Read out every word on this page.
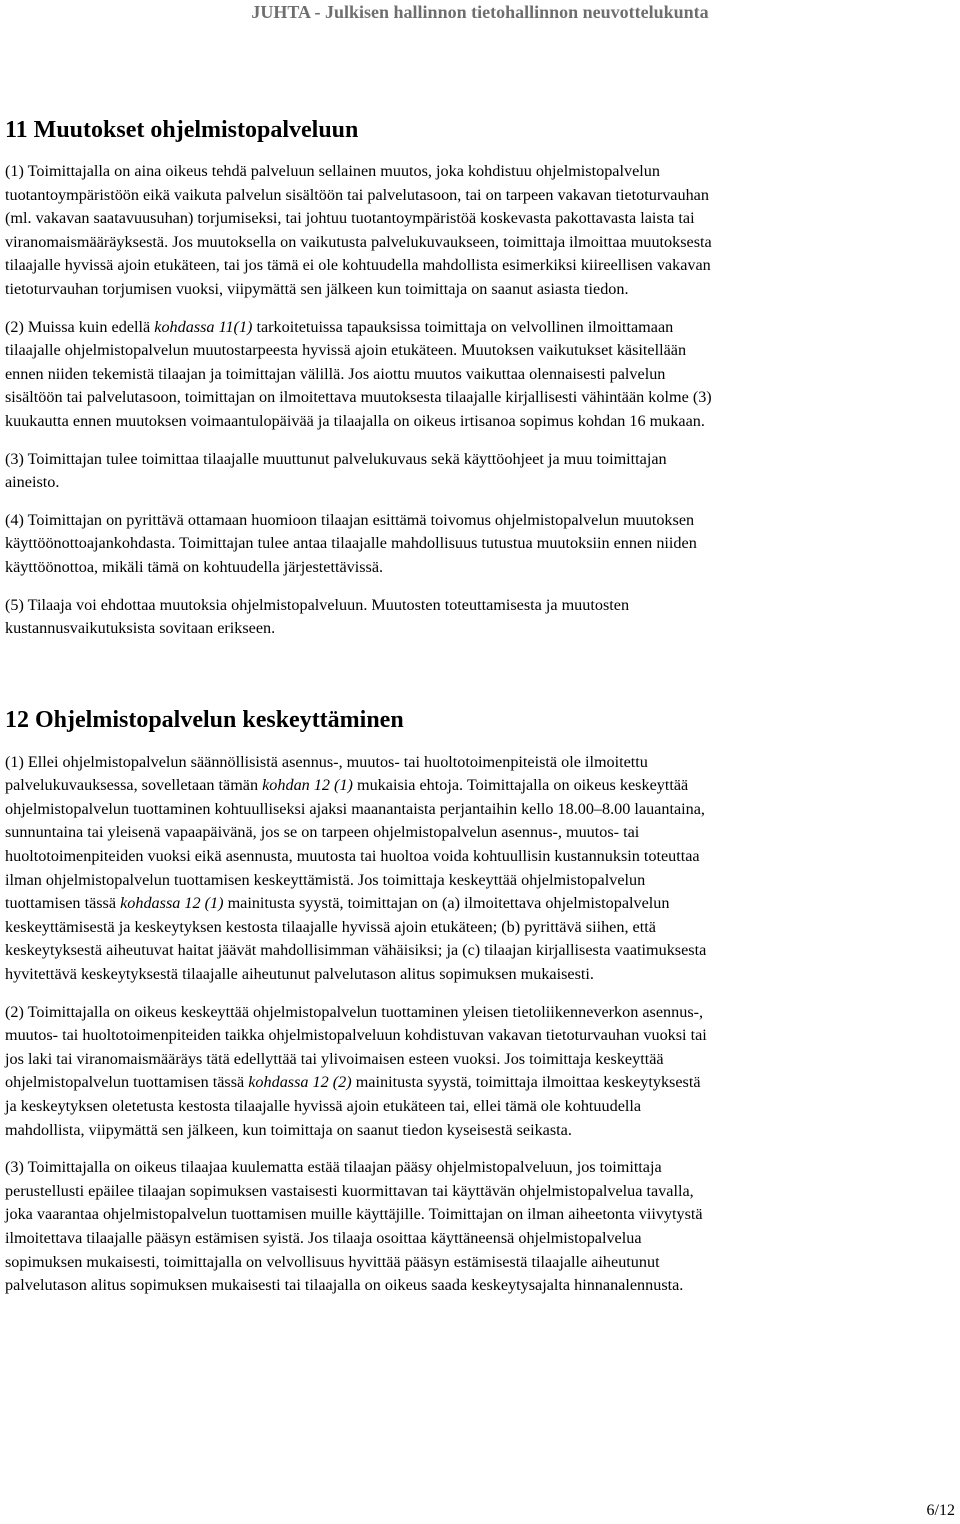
JUHTA - Julkisen hallinnon tietohallinnon neuvottelukunta
11 Muutokset ohjelmistopalveluun

(1) Toimittajalla on aina oikeus tehdä palveluun sellainen muutos, joka kohdistuu ohjelmistopalvelun

tuotantoympäristöön eikä vaikuta palvelun sisältöön tai palvelutasoon, tai on tarpeen vakavan tietoturvauhan

(ml. vakavan saatavuusuhan) torjumiseksi, tai johtuu tuotantoympäristöä koskevasta pakottavasta laista tai

viranomaismääräyksestä. Jos muutoksella on vaikutusta palvelukuvaukseen, toimittaja ilmoittaa muutoksesta

tilaajalle hyvissä ajoin etukäteen, tai jos tämä ei ole kohtuudella mahdollista esimerkiksi kiireellisen vakavan

tietoturvauhan torjumisen vuoksi, viipymättä sen jälkeen kun toimittaja on saanut asiasta tiedon.

(2) Muissa kuin edellä kohdassa 11(1) tarkoitetuissa tapauksissa toimittaja on velvollinen ilmoittamaan

tilaajalle ohjelmistopalvelun muutostarpeesta hyvissä ajoin etukäteen. Muutoksen vaikutukset käsitellään

ennen niiden tekemistä tilaajan ja toimittajan välillä. Jos aiottu muutos vaikuttaa olennaisesti palvelun

sisältöön tai palvelutasoon, toimittajan on ilmoitettava muutoksesta tilaajalle kirjallisesti vähintään kolme (3)

kuukautta ennen muutoksen voimaantulopäivää ja tilaajalla on oikeus irtisanoa sopimus kohdan 16 mukaan.

(3) Toimittajan tulee toimittaa tilaajalle muuttunut palvelukuvaus sekä käyttöohjeet ja muu toimittajan

aineisto.

(4) Toimittajan on pyrittävä ottamaan huomioon tilaajan esittämä toivomus ohjelmistopalvelun muutoksen

käyttöönottoajankohdasta. Toimittajan tulee antaa tilaajalle mahdollisuus tutustua muutoksiin ennen niiden

käyttöönottoa, mikäli tämä on kohtuudella järjestettävissä.

(5) Tilaaja voi ehdottaa muutoksia ohjelmistopalveluun. Muutosten toteuttamisesta ja muutosten

kustannusvaikutuksista sovitaan erikseen.

12 Ohjelmistopalvelun keskeyttäminen

(1) Ellei ohjelmistopalvelun säännöllisistä asennus-, muutos- tai huoltotoimenpiteistä ole ilmoitettu

palvelukuvauksessa, sovelletaan tämän kohdan 12 (1) mukaisia ehtoja. Toimittajalla on oikeus keskeyttää

ohjelmistopalvelun tuottaminen kohtuulliseksi ajaksi maanantaista perjantaihin kello 18.00–8.00 lauantaina,

sunnuntaina tai yleisenä vapaapäivänä, jos se on tarpeen ohjelmistopalvelun asennus-, muutos- tai

huoltotoimenpiteiden vuoksi eikä asennusta, muutosta tai huoltoa voida kohtuullisin kustannuksin toteuttaa

ilman ohjelmistopalvelun tuottamisen keskeyttämistä. Jos toimittaja keskeyttää ohjelmistopalvelun

tuottamisen tässä kohdassa 12 (1) mainitusta syystä, toimittajan on (a) ilmoitettava ohjelmistopalvelun

keskeyttämisestä ja keskeytyksen kestosta tilaajalle hyvissä ajoin etukäteen; (b) pyrittävä siihen, että

keskeytyksestä aiheutuvat haitat jäävät mahdollisimman vähäisiksi; ja (c) tilaajan kirjallisesta vaatimuksesta

hyvitettävä keskeytyksestä tilaajalle aiheutunut palvelutason alitus sopimuksen mukaisesti.

(2) Toimittajalla on oikeus keskeyttää ohjelmistopalvelun tuottaminen yleisen tietoliikenneverkon asennus-,

muutos- tai huoltotoimenpiteiden taikka ohjelmistopalveluun kohdistuvan vakavan tietoturvauhan vuoksi tai

jos laki tai viranomaismääräys tätä edellyttää tai ylivoimaisen esteen vuoksi. Jos toimittaja keskeyttää

ohjelmistopalvelun tuottamisen tässä kohdassa 12 (2) mainitusta syystä, toimittaja ilmoittaa keskeytyksestä

ja keskeytyksen oletetusta kestosta tilaajalle hyvissä ajoin etukäteen tai, ellei tämä ole kohtuudella

mahdollista, viipymättä sen jälkeen, kun toimittaja on saanut tiedon kyseisestä seikasta.

(3) Toimittajalla on oikeus tilaajaa kuulematta estää tilaajan pääsy ohjelmistopalveluun, jos toimittaja

perustellusti epäilee tilaajan sopimuksen vastaisesti kuormittavan tai käyttävän ohjelmistopalvelua tavalla,

joka vaarantaa ohjelmistopalvelun tuottamisen muille käyttäjille. Toimittajan on ilman aiheetonta viivytystä

ilmoitettava tilaajalle pääsyn estämisen syistä. Jos tilaaja osoittaa käyttäneensä ohjelmistopalvelua

sopimuksen mukaisesti, toimittajalla on velvollisuus hyvittää pääsyn estämisestä tilaajalle aiheutunut

palvelutason alitus sopimuksen mukaisesti tai tilaajalla on oikeus saada keskeytysajalta hinnanalennusta.

6/12
